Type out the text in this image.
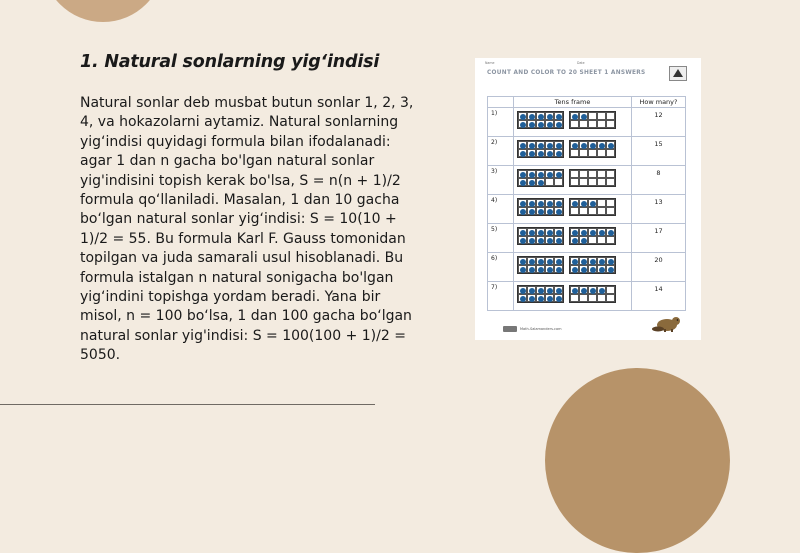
1. Natural sonlarning yig‘indisi

Natural sonlar deb musbat butun sonlar 1, 2, 3, 4, va hokazolarni aytamiz. Natural sonlarning yig‘indisi quyidagi formula bilan ifodalanadi: agar 1 dan n gacha bo'lgan natural sonlar yig'indisini topish kerak bo'lsa, S = n(n + 1)/2 formula qo‘llaniladi. Masalan, 1 dan 10 gacha bo‘lgan natural sonlar yig‘indisi: S = 10(10 + 1)/2 = 55. Bu formula Karl F. Gauss tomonidan topilgan va juda samarali usul hisoblanadi. Bu formula istalgan n natural sonigacha bo'lgan yig‘indini topishga yordam beradi. Yana bir misol, n = 100 bo‘lsa, 1 dan 100 gacha bo‘lgan natural sonlar yig'indisi: S = 100(100 + 1)/2 = 5050.

Name	Date
COUNT AND COLOR TO 20 SHEET 1 ANSWERS
	Tens frame	How many?
1)		12
2)		15
3)		8
4)		13
5)		17
6)		20
7)		14
Math-Salamanders.com
